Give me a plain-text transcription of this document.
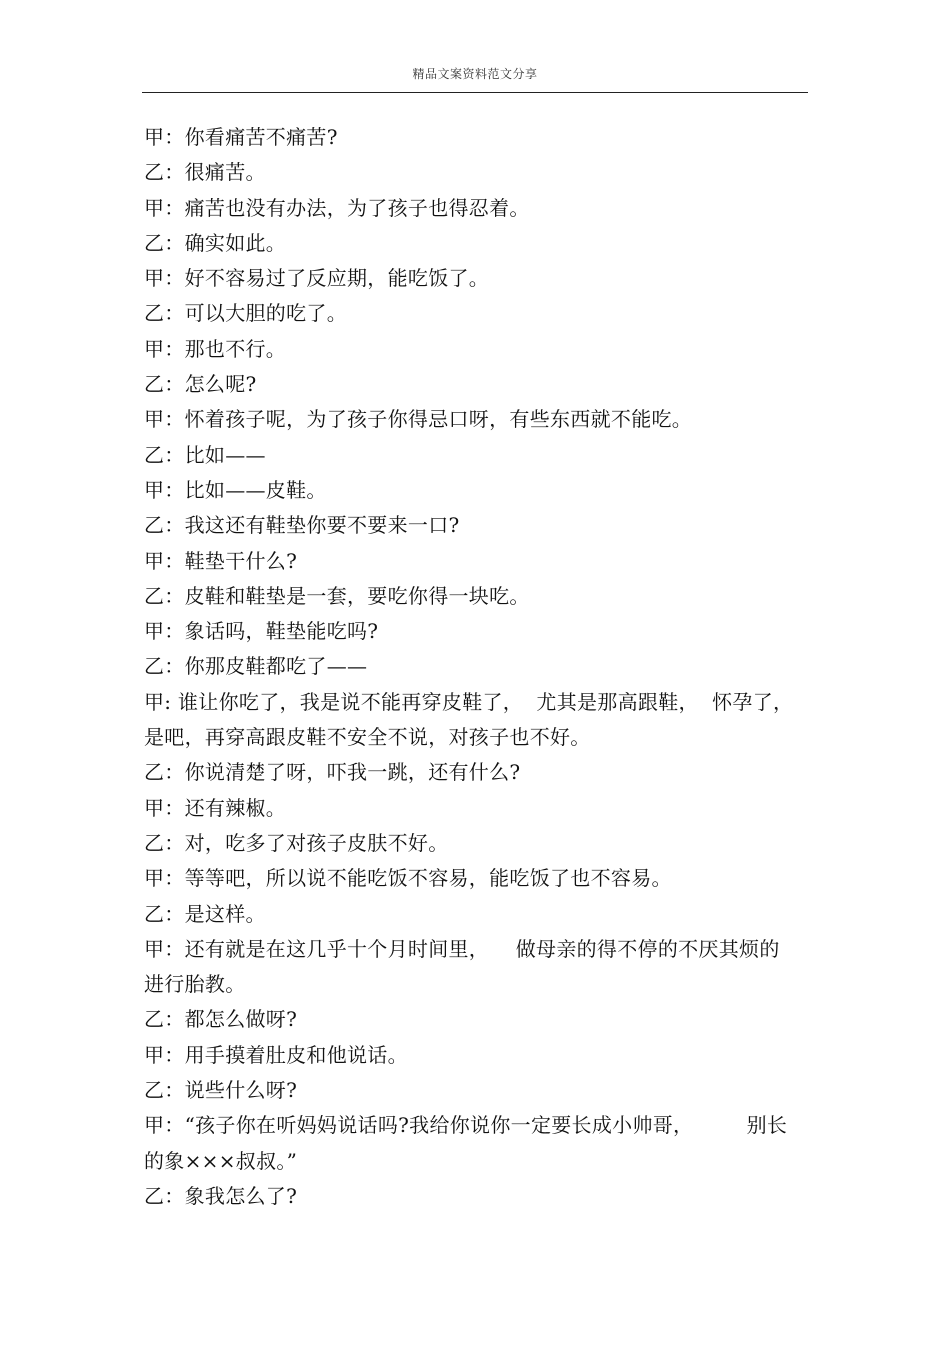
精品文案资料范文分享
甲：你看痛苦不痛苦?
乙：很痛苦。
甲：痛苦也没有办法，为了孩子也得忍着。
乙：确实如此。
甲：好不容易过了反应期，能吃饭了。
乙：可以大胆的吃了。
甲：那也不行。
乙：怎么呢?
甲：怀着孩子呢，为了孩子你得忌口呀，有些东西就不能吃。
乙：比如——
甲：比如——皮鞋。
乙：我这还有鞋垫你要不要来一口?
甲：鞋垫干什么?
乙：皮鞋和鞋垫是一套，要吃你得一块吃。
甲：象话吗，鞋垫能吃吗?
乙：你那皮鞋都吃了——
甲: 谁让你吃了，我是说不能再穿皮鞋了，  尤其是那高跟鞋，  怀孕了，
是吧，再穿高跟皮鞋不安全不说，对孩子也不好。
乙：你说清楚了呀，吓我一跳，还有什么?
甲：还有辣椒。
乙：对，吃多了对孩子皮肤不好。
甲：等等吧，所以说不能吃饭不容易，能吃饭了也不容易。
乙：是这样。
甲：还有就是在这几乎十个月时间里，    做母亲的得不停的不厌其烦的
进行胎教。
乙：都怎么做呀?
甲：用手摸着肚皮和他说话。
乙：说些什么呀?
甲：“孩子你在听妈妈说话吗?我给你说你一定要长成小帅哥，        别长
的象×××叔叔。”
乙：象我怎么了?
